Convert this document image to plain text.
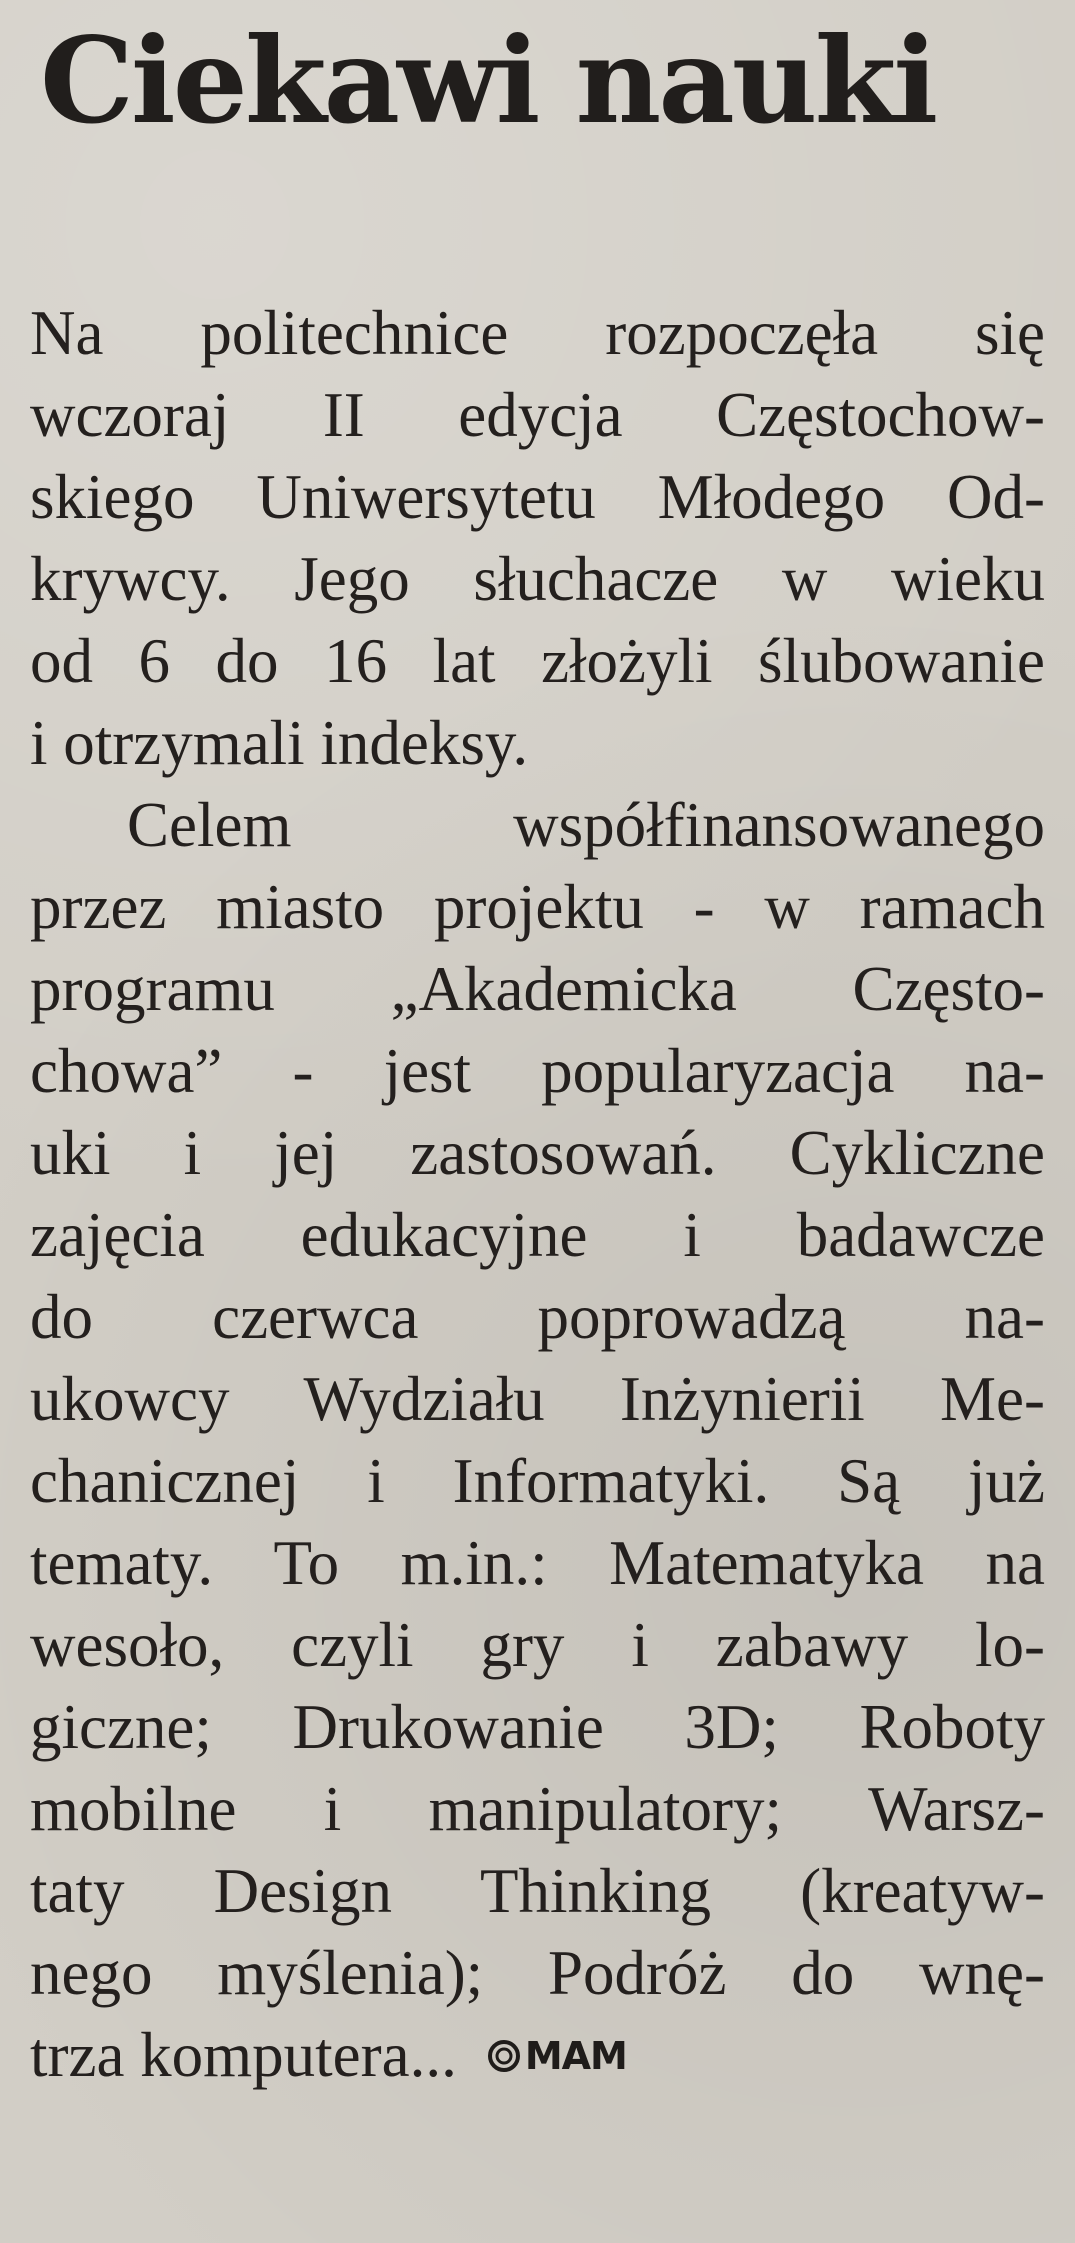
Ciekawi nauki
Na politechnice rozpoczęła się
wczoraj II edycja Częstochow-
skiego Uniwersytetu Młodego Od-
krywcy. Jego słuchacze w wieku
od 6 do 16 lat złożyli ślubowanie
i otrzymali indeksy.
Celem współfinansowanego
przez miasto projektu - w ramach
programu „Akademicka Często-
chowa” - jest popularyzacja na-
uki i jej zastosowań. Cykliczne
zajęcia edukacyjne i badawcze
do czerwca poprowadzą na-
ukowcy Wydziału Inżynierii Me-
chanicznej i Informatyki. Są już
tematy. To m.in.: Matematyka na
wesoło, czyli gry i zabawy lo-
giczne; Drukowanie 3D; Roboty
mobilne i manipulatory; Warsz-
taty Design Thinking (kreatyw-
nego myślenia); Podróż do wnę-
trza komputera... MAM
